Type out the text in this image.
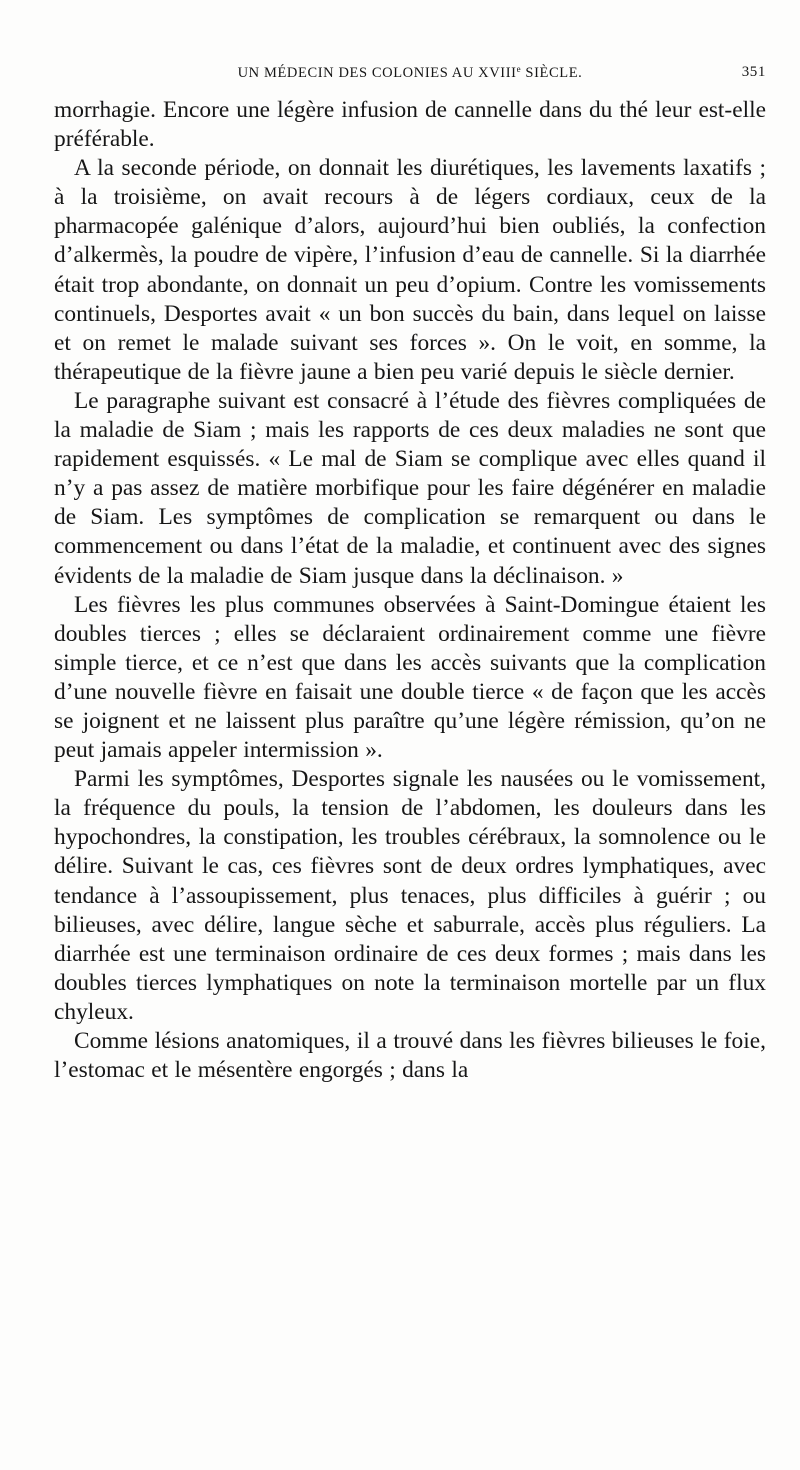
UN MÉDECIN DES COLONIES AU XVIIIe SIÈCLE.	351

morrhagie. Encore une légère infusion de cannelle dans du thé leur est-elle préférable.

A la seconde période, on donnait les diurétiques, les lavements laxatifs ; à la troisième, on avait recours à de légers cordiaux, ceux de la pharmacopée galénique d’alors, aujourd’hui bien oubliés, la confection d’alkermès, la poudre de vipère, l’infusion d’eau de cannelle. Si la diarrhée était trop abondante, on donnait un peu d’opium. Contre les vomissements continuels, Desportes avait « un bon succès du bain, dans lequel on laisse et on remet le malade suivant ses forces ». On le voit, en somme, la thérapeutique de la fièvre jaune a bien peu varié depuis le siècle dernier.

Le paragraphe suivant est consacré à l’étude des fièvres compliquées de la maladie de Siam ; mais les rapports de ces deux maladies ne sont que rapidement esquissés. « Le mal de Siam se complique avec elles quand il n’y a pas assez de matière morbifique pour les faire dégénérer en maladie de Siam. Les symptômes de complication se remarquent ou dans le commencement ou dans l’état de la maladie, et continuent avec des signes évidents de la maladie de Siam jusque dans la déclinaison. »

Les fièvres les plus communes observées à Saint-Domingue étaient les doubles tierces ; elles se déclaraient ordinairement comme une fièvre simple tierce, et ce n’est que dans les accès suivants que la complication d’une nouvelle fièvre en faisait une double tierce « de façon que les accès se joignent et ne laissent plus paraître qu’une légère rémission, qu’on ne peut jamais appeler intermission ».

Parmi les symptômes, Desportes signale les nausées ou le vomissement, la fréquence du pouls, la tension de l’abdomen, les douleurs dans les hypochondres, la constipation, les troubles cérébraux, la somnolence ou le délire. Suivant le cas, ces fièvres sont de deux ordres lymphatiques, avec tendance à l’assoupissement, plus tenaces, plus difficiles à guérir ; ou bilieuses, avec délire, langue sèche et saburrale, accès plus réguliers. La diarrhée est une terminaison ordinaire de ces deux formes ; mais dans les doubles tierces lymphatiques on note la terminaison mortelle par un flux chyleux.

Comme lésions anatomiques, il a trouvé dans les fièvres bilieuses le foie, l’estomac et le mésentère engorgés ; dans la
